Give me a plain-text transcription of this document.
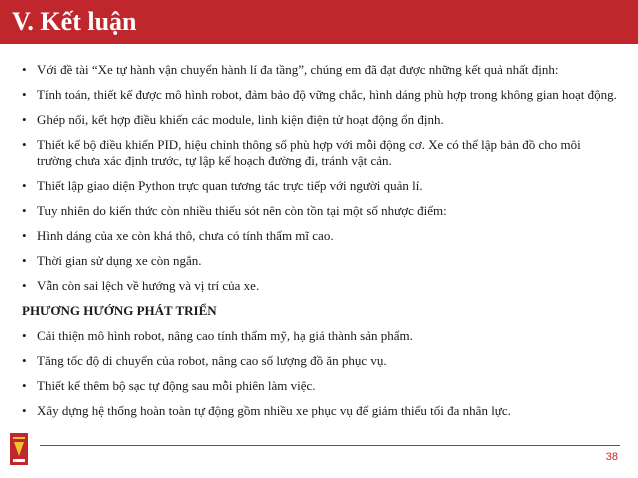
V. Kết luận
• Với đề tài “Xe tự hành vận chuyển hành lí đa tầng”, chúng em đã đạt được những kết quả nhất định:
• Tính toán, thiết kế được mô hình robot, đảm bảo độ vững chắc, hình dáng phù hợp trong không gian hoạt động.
• Ghép nối, kết hợp điều khiển các module, linh kiện điện tử hoạt động ổn định.
• Thiết kế bộ điều khiển PID, hiệu chỉnh thông số phù hợp với mỗi động cơ. Xe có thể lập bản đồ cho môi trường chưa xác định trước, tự lập kế hoạch đường đi, tránh vật cản.
• Thiết lập giao diện Python trực quan tương tác trực tiếp với người quản lí.
• Tuy nhiên do kiến thức còn nhiều thiếu sót nên còn tồn tại một số nhược điểm:
• Hình dáng của xe còn khá thô, chưa có tính thẩm mĩ cao.
• Thời gian sử dụng xe còn ngắn.
• Vẫn còn sai lệch về hướng và vị trí của xe.
PHƯƠNG HƯỚNG PHÁT TRIỂN
• Cải thiện mô hình robot, nâng cao tính thẩm mỹ, hạ giá thành sản phẩm.
• Tăng tốc độ di chuyển của robot, nâng cao số lượng đồ ăn phục vụ.
• Thiết kế thêm bộ sạc tự động sau mỗi phiên làm việc.
• Xây dựng hệ thống hoàn toàn tự động gồm nhiều xe phục vụ để giảm thiểu tối đa nhân lực.
38
